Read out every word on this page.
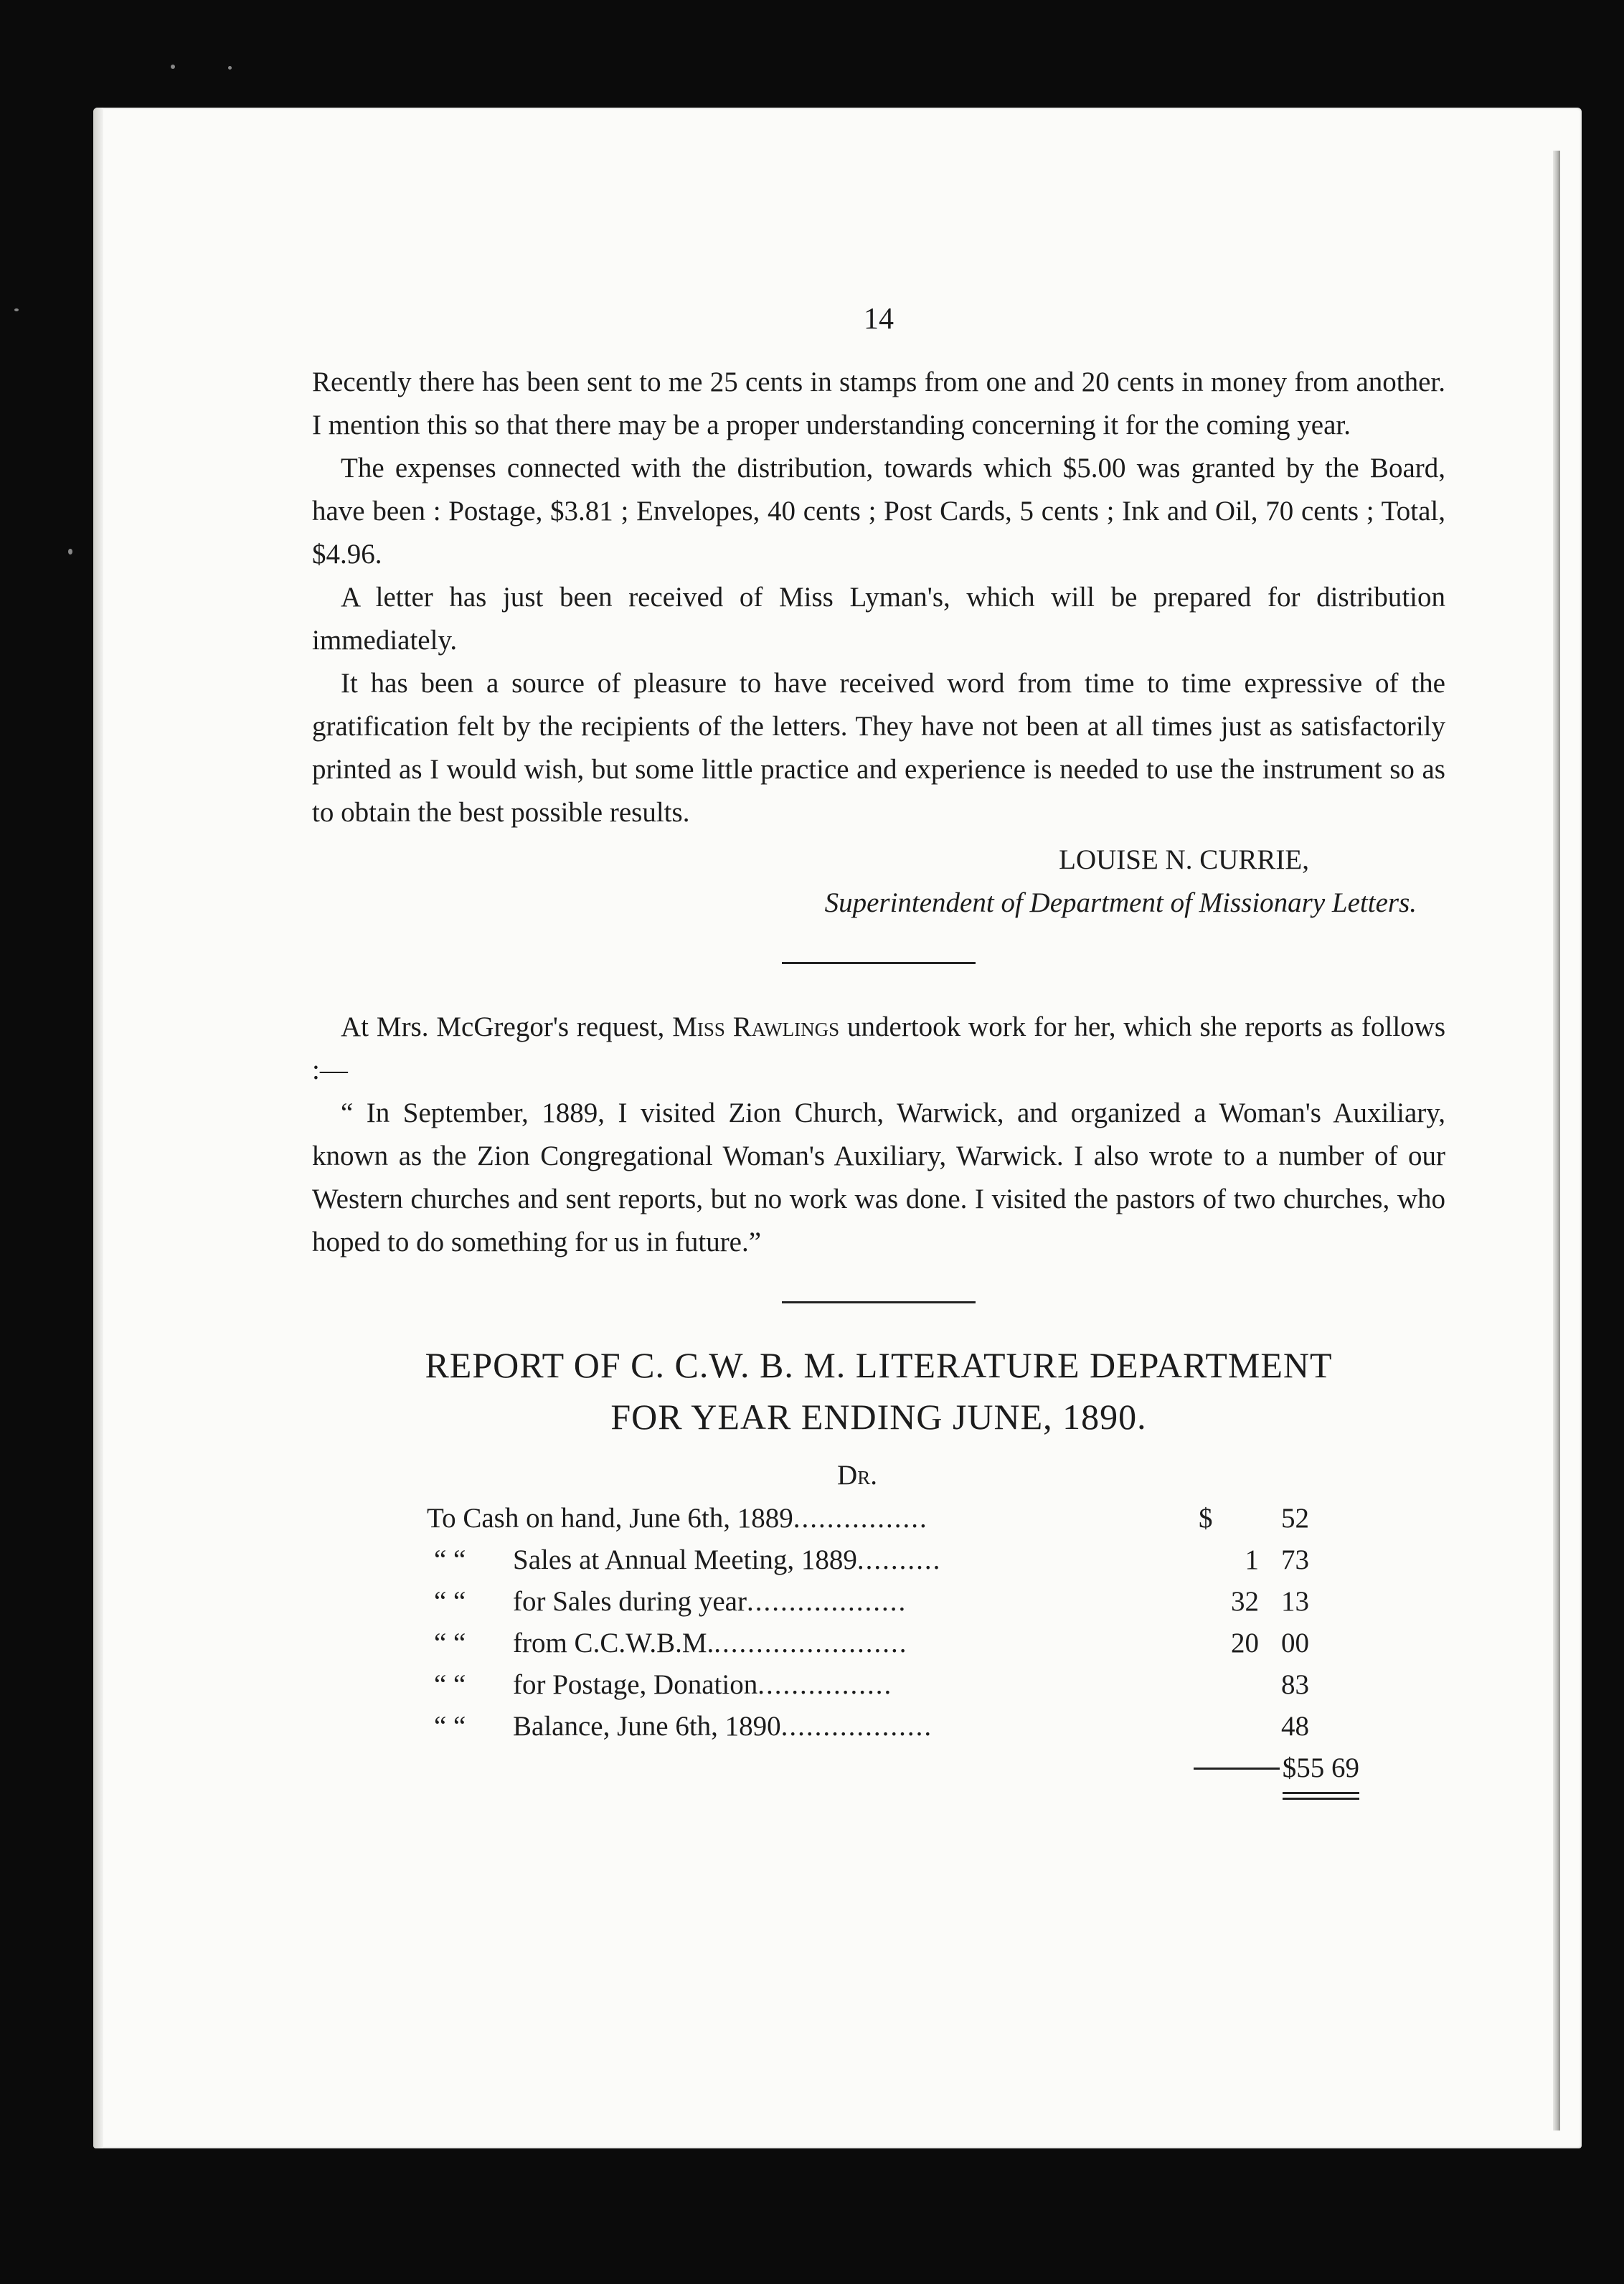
14

Recently there has been sent to me 25 cents in stamps from one and 20 cents in money from another. I mention this so that there may be a proper understanding concerning it for the coming year.

The expenses connected with the distribution, towards which $5.00 was granted by the Board, have been : Postage, $3.81 ; Envelopes, 40 cents ; Post Cards, 5 cents ; Ink and Oil, 70 cents ; Total, $4.96.

A letter has just been received of Miss Lyman's, which will be prepared for distribution immediately.

It has been a source of pleasure to have received word from time to time expressive of the gratification felt by the recipients of the letters. They have not been at all times just as satisfactorily printed as I would wish, but some little practice and experience is needed to use the instrument so as to obtain the best possible results.

LOUISE N. CURRIE,
Superintendent of Department of Missionary Letters.

At Mrs. McGregor's request, Miss Rawlings undertook work for her, which she reports as follows :—

“ In September, 1889, I visited Zion Church, Warwick, and organized a Woman's Auxiliary, known as the Zion Congregational Woman's Auxiliary, Warwick. I also wrote to a number of our Western churches and sent reports, but no work was done. I visited the pastors of two churches, who hoped to do something for us in future.”

REPORT OF C. C.W. B. M. LITERATURE DEPARTMENT
FOR YEAR ENDING JUNE, 1890.
Dr.
To Cash on hand, June 6th, 1889................	$	52
“ “ Sales at Annual Meeting, 1889..........	1 73
“ “ for Sales during year...................	32 13
“ “ from C.C.W.B.M........................	20 00
“ “ for Postage, Donation................	83
“ “ Balance, June 6th, 1890..................	48
$55 69
